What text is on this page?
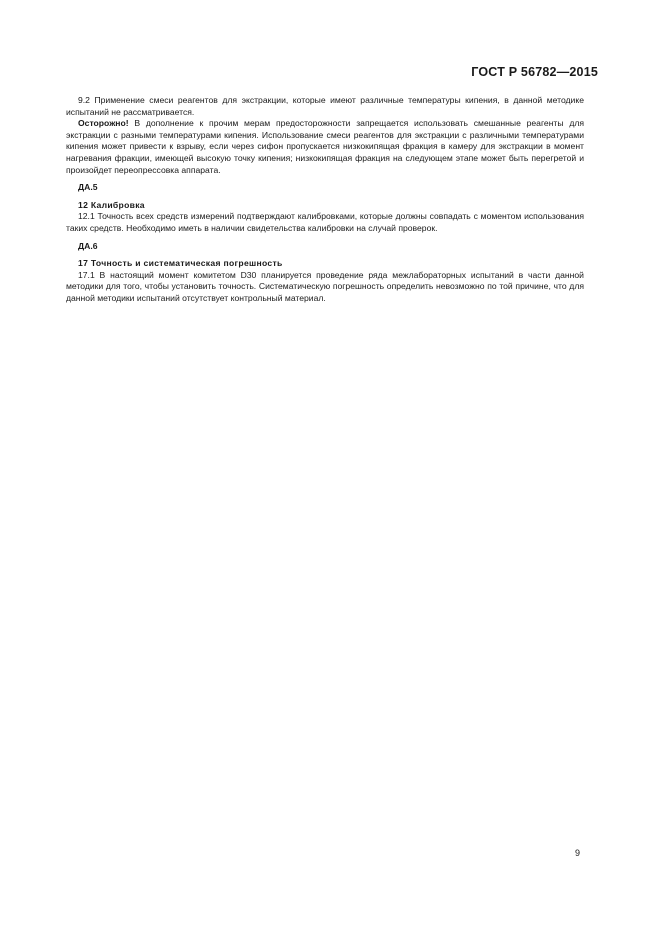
ГОСТ Р 56782—2015

9.2 Применение смеси реагентов для экстракции, которые имеют различные температуры кипения, в данной методике испытаний не рассматривается.

Осторожно! В дополнение к прочим мерам предосторожности запрещается использовать смешанные реагенты для экстракции с разными температурами кипения. Использование смеси реагентов для экстракции с различными температурами кипения может привести к взрыву, если через сифон пропускается низкокипящая фракция в камеру для экстракции в момент нагревания фракции, имеющей высокую точку кипения; низкокипящая фракция на следующем этапе может быть перегретой и произойдет переопрессовка аппарата.

ДА.5
12 Калибровка

12.1 Точность всех средств измерений подтверждают калибровками, которые должны совпадать с моментом использования таких средств. Необходимо иметь в наличии свидетельства калибровки на случай проверок.

ДА.6
17 Точность и систематическая погрешность

17.1 В настоящий момент комитетом D30 планируется проведение ряда межлабораторных испытаний в части данной методики для того, чтобы установить точность. Систематическую погрешность определить невозможно по той причине, что для данной методики испытаний отсутствует контрольный материал.

9
